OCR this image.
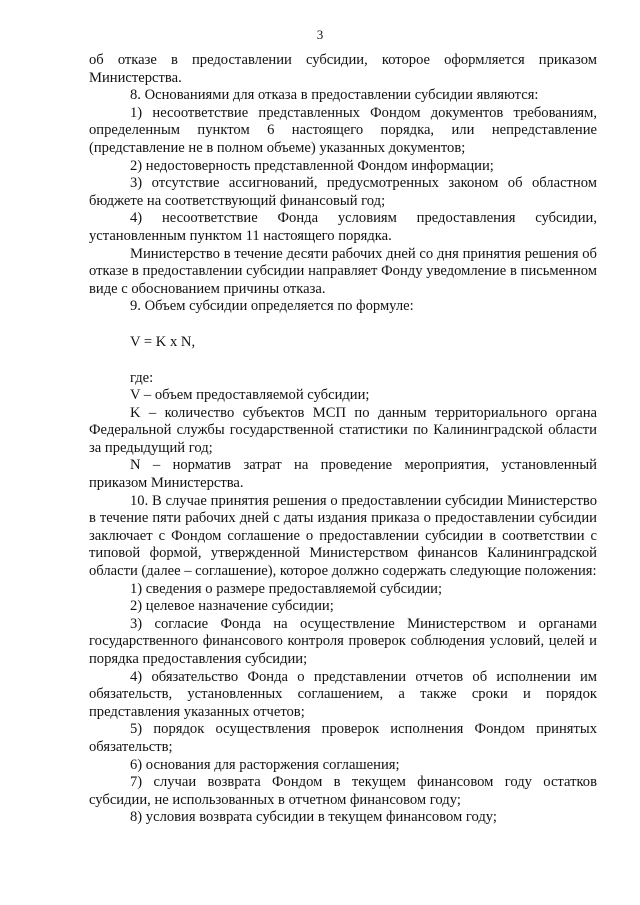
3

об отказе в предоставлении субсидии, которое оформляется приказом Министерства.

8. Основаниями для отказа в предоставлении субсидии являются:

1) несоответствие представленных Фондом документов требованиям, определенным пунктом 6 настоящего порядка, или непредставление (представление не в полном объеме) указанных документов;

2) недостоверность представленной Фондом информации;

3) отсутствие ассигнований, предусмотренных законом об областном бюджете на соответствующий финансовый год;

4) несоответствие Фонда условиям предоставления субсидии, установленным пунктом 11 настоящего порядка.

Министерство в течение десяти рабочих дней со дня принятия решения об отказе в предоставлении субсидии направляет Фонду уведомление в письменном виде с обоснованием причины отказа.

9. Объем субсидии определяется по формуле:

V = K x N,

где:

V – объем предоставляемой субсидии;

K – количество субъектов МСП по данным территориального органа Федеральной службы государственной статистики по Калининградской области за предыдущий год;

N – норматив затрат на проведение мероприятия, установленный приказом Министерства.

10. В случае принятия решения о предоставлении субсидии Министерство в течение пяти рабочих дней с даты издания приказа о предоставлении субсидии заключает с Фондом соглашение о предоставлении субсидии в соответствии с типовой формой, утвержденной Министерством финансов Калининградской области (далее – соглашение), которое должно содержать следующие положения:

1) сведения о размере предоставляемой субсидии;

2) целевое назначение субсидии;

3) согласие Фонда на осуществление Министерством и органами государственного финансового контроля проверок соблюдения условий, целей и порядка предоставления субсидии;

4) обязательство Фонда о представлении отчетов об исполнении им обязательств, установленных соглашением, а также сроки и порядок представления указанных отчетов;

5) порядок осуществления проверок исполнения Фондом принятых обязательств;

6) основания для расторжения соглашения;

7) случаи возврата Фондом в текущем финансовом году остатков субсидии, не использованных в отчетном финансовом году;

8) условия возврата субсидии в текущем финансовом году;
